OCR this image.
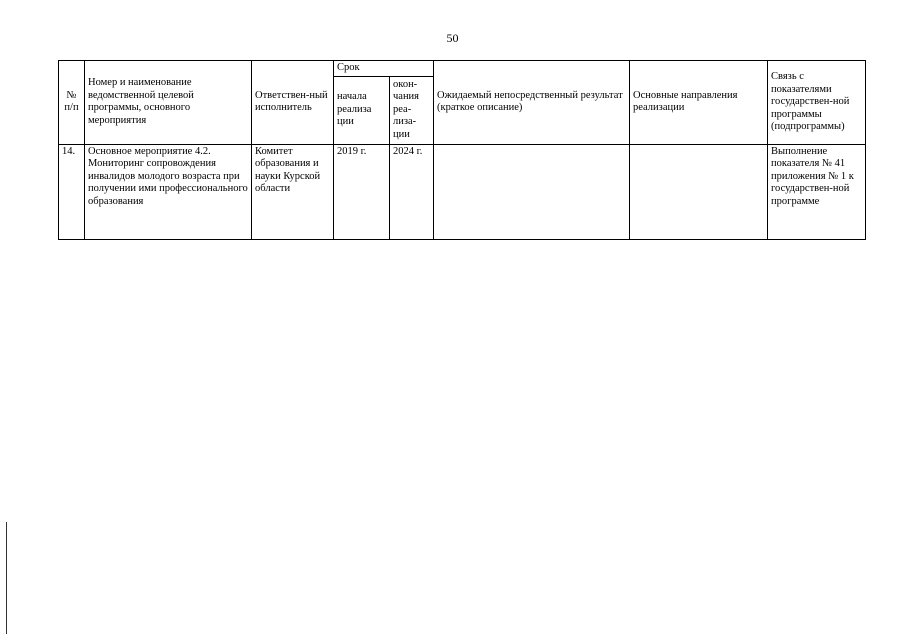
50
№ п/п	Номер и наименование ведомственной целевой программы, основного мероприятия	Ответствен-ный исполнитель	Срок		Ожидаемый непосредственный результат (краткое описание)	Основные направления реализации	Связь с показателями государствен-ной программы (подпрограммы)
			начала реализа ции	окон-чания реа-лиза-ции			
14.	Основное мероприятие 4.2. Мониторинг сопровождения инвалидов молодого возраста при получении ими профессионального образования	Комитет образования и науки Курской области	2019 г.	2024 г.			Выполнение показателя № 41 приложения № 1 к государствен-ной программе
